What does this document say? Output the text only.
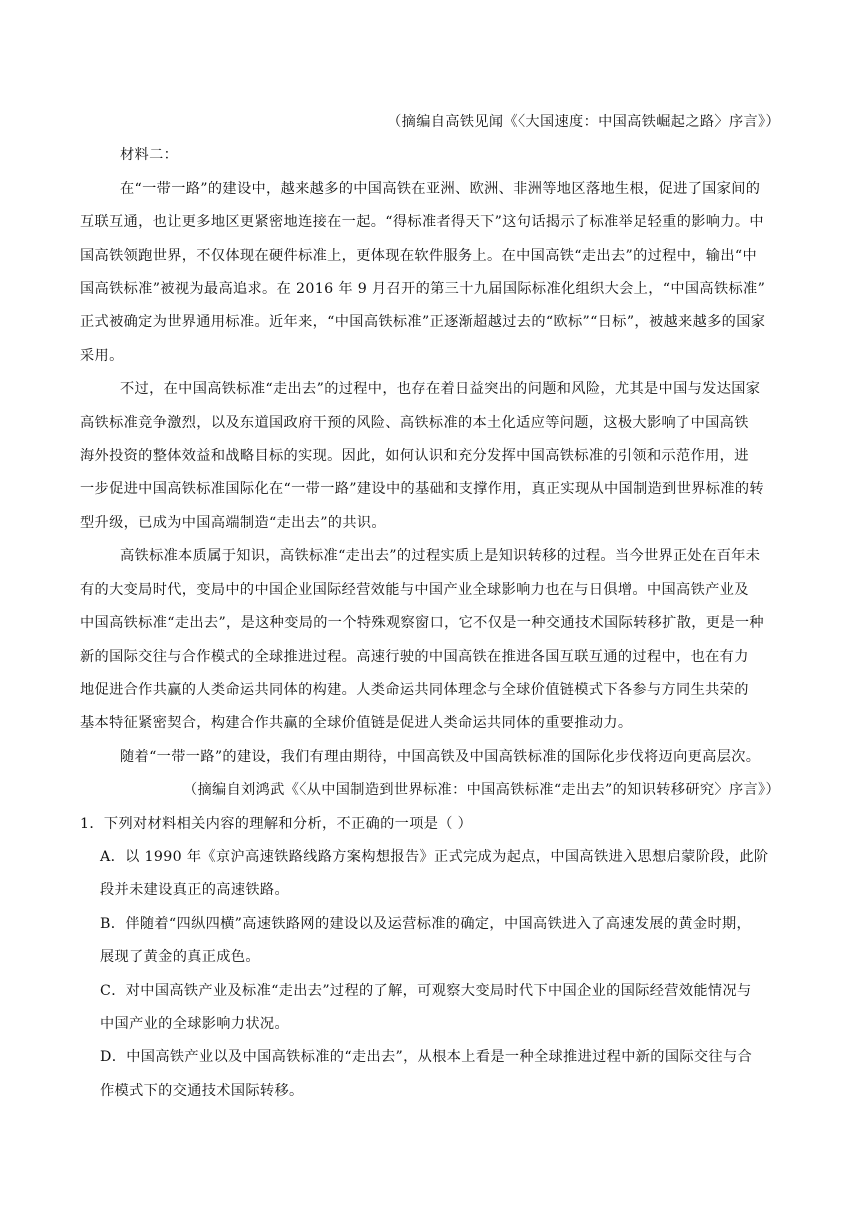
（摘编自高铁见闻《〈大国速度：中国高铁崛起之路〉序言》）

材料二：

在“一带一路”的建设中，越来越多的中国高铁在亚洲、欧洲、非洲等地区落地生根，促进了国家间的

互联互通，也让更多地区更紧密地连接在一起。“得标准者得天下”这句话揭示了标准举足轻重的影响力。中

国高铁领跑世界，不仅体现在硬件标准上，更体现在软件服务上。在中国高铁“走出去”的过程中，输出“中

国高铁标准”被视为最高追求。在 2016 年 9 月召开的第三十九届国际标准化组织大会上，“中国高铁标准”

正式被确定为世界通用标准。近年来，“中国高铁标准”正逐渐超越过去的“欧标”“日标”，被越来越多的国家

采用。

不过，在中国高铁标准“走出去”的过程中，也存在着日益突出的问题和风险，尤其是中国与发达国家

高铁标准竞争激烈，以及东道国政府干预的风险、高铁标准的本土化适应等问题，这极大影响了中国高铁

海外投资的整体效益和战略目标的实现。因此，如何认识和充分发挥中国高铁标准的引领和示范作用，进

一步促进中国高铁标准国际化在“一带一路”建设中的基础和支撑作用，真正实现从中国制造到世界标准的转

型升级，已成为中国高端制造“走出去”的共识。

高铁标准本质属于知识，高铁标准“走出去”的过程实质上是知识转移的过程。当今世界正处在百年未

有的大变局时代，变局中的中国企业国际经营效能与中国产业全球影响力也在与日俱增。中国高铁产业及

中国高铁标准“走出去”，是这种变局的一个特殊观察窗口，它不仅是一种交通技术国际转移扩散，更是一种

新的国际交往与合作模式的全球推进过程。高速行驶的中国高铁在推进各国互联互通的过程中，也在有力

地促进合作共赢的人类命运共同体的构建。人类命运共同体理念与全球价值链模式下各参与方同生共荣的

基本特征紧密契合，构建合作共赢的全球价值链是促进人类命运共同体的重要推动力。

随着“一带一路”的建设，我们有理由期待，中国高铁及中国高铁标准的国际化步伐将迈向更高层次。

（摘编自刘鸿武《〈从中国制造到世界标准：中国高铁标准“走出去”的知识转移研究〉序言》）

1．下列对材料相关内容的理解和分析，不正确的一项是（ ）

A．以 1990 年《京沪高速铁路线路方案构想报告》正式完成为起点，中国高铁进入思想启蒙阶段，此阶

段并未建设真正的高速铁路。

B．伴随着“四纵四横”高速铁路网的建设以及运营标准的确定，中国高铁进入了高速发展的黄金时期，

展现了黄金的真正成色。

C．对中国高铁产业及标准“走出去”过程的了解，可观察大变局时代下中国企业的国际经营效能情况与

中国产业的全球影响力状况。

D．中国高铁产业以及中国高铁标准的“走出去”，从根本上看是一种全球推进过程中新的国际交往与合

作模式下的交通技术国际转移。
